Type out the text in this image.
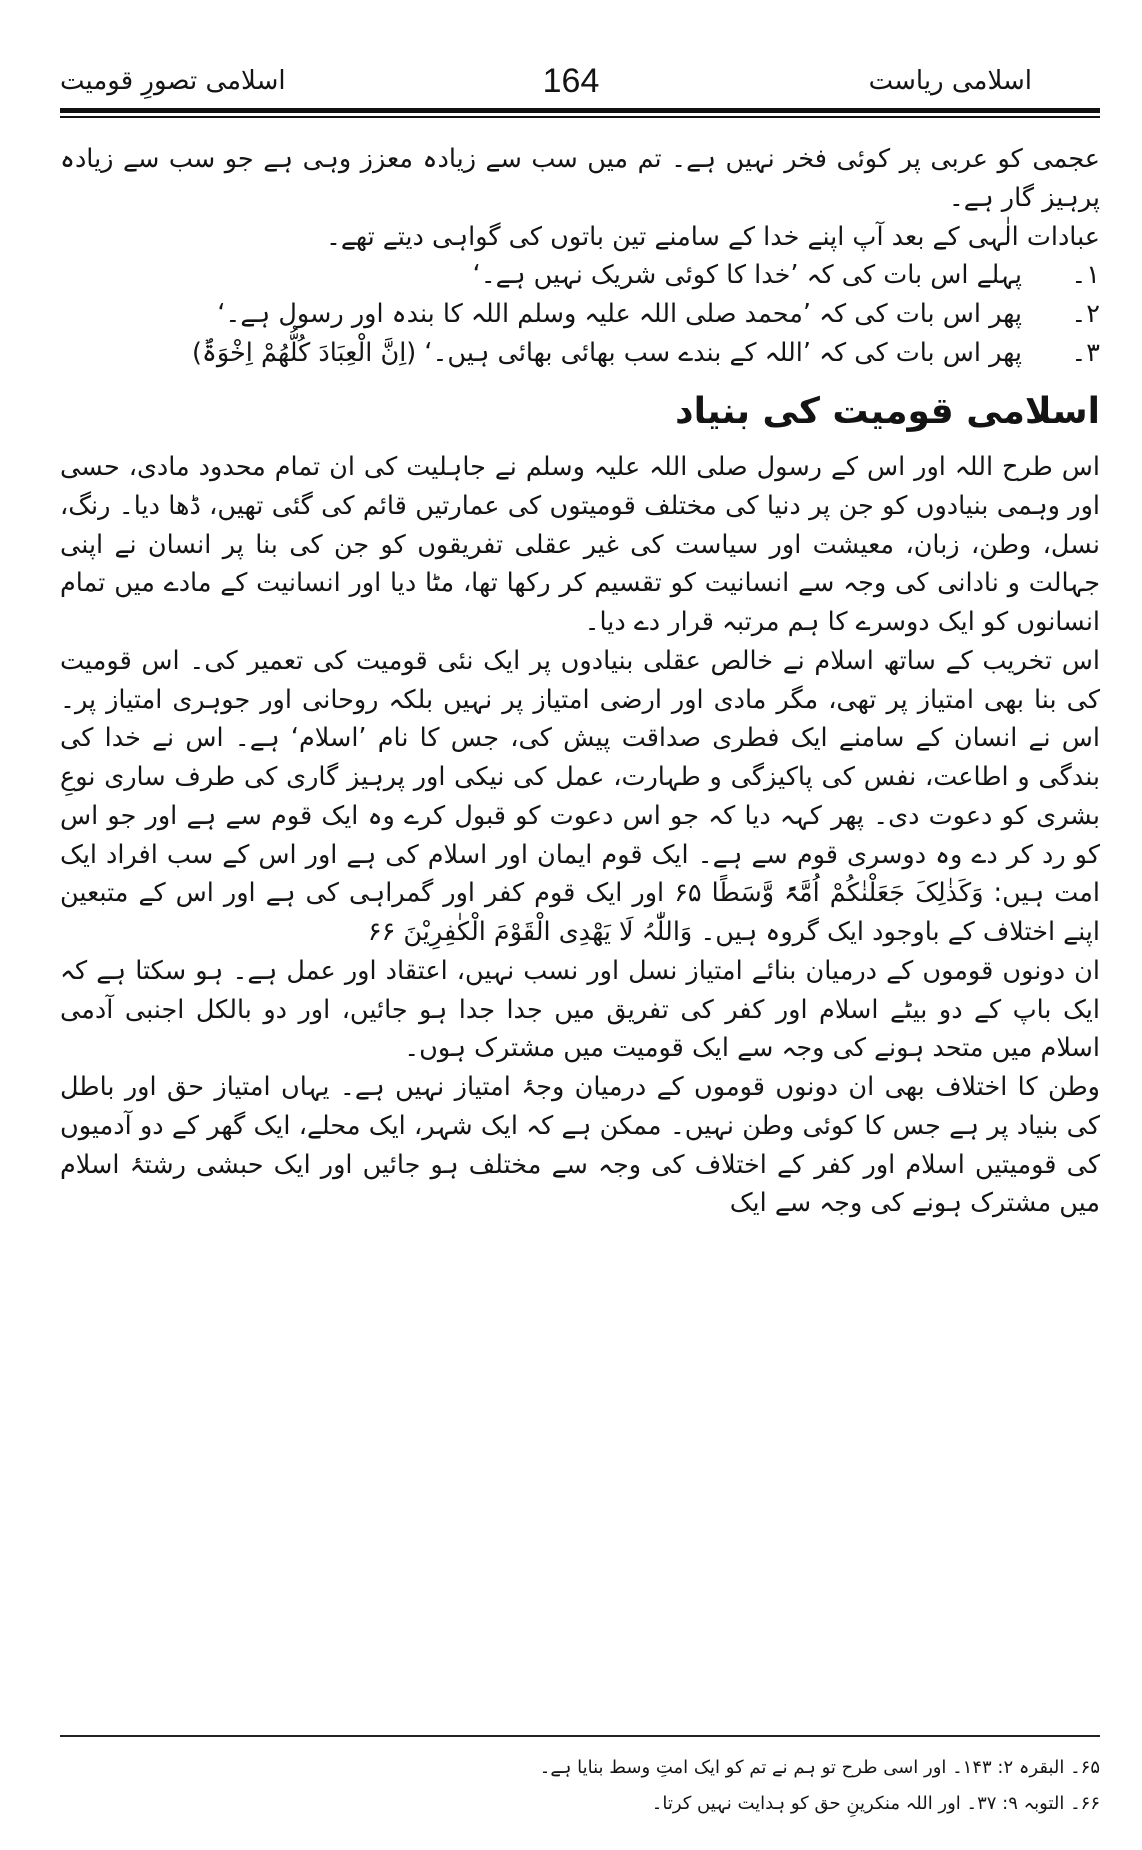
اسلامی ریاست
164
اسلامی تصورِ قومیت

عجمی کو عربی پر کوئی فخر نہیں ہے۔ تم میں سب سے زیادہ معزز وہی ہے جو سب سے زیادہ پرہیز گار ہے۔

عبادات الٰہی کے بعد آپ اپنے خدا کے سامنے تین باتوں کی گواہی دیتے تھے۔

۱۔
پہلے اس بات کی کہ ’خدا کا کوئی شریک نہیں ہے۔‘
۲۔
پھر اس بات کی کہ ’محمد صلی اللہ علیہ وسلم اللہ کا بندہ اور رسول ہے۔‘
۳۔
پھر اس بات کی کہ ’اللہ کے بندے سب بھائی بھائی ہیں۔‘ (اِنَّ الْعِبَادَ کُلُّھُمْ اِخْوَۃٌ)
اسلامی قومیت کی بنیاد

اس طرح اللہ اور اس کے رسول صلی اللہ علیہ وسلم نے جاہلیت کی ان تمام محدود مادی، حسی اور وہمی بنیادوں کو جن پر دنیا کی مختلف قومیتوں کی عمارتیں قائم کی گئی تھیں، ڈھا دیا۔ رنگ، نسل، وطن، زبان، معیشت اور سیاست کی غیر عقلی تفریقوں کو جن کی بنا پر انسان نے اپنی جہالت و نادانی کی وجہ سے انسانیت کو تقسیم کر رکھا تھا، مٹا دیا اور انسانیت کے مادے میں تمام انسانوں کو ایک دوسرے کا ہم مرتبہ قرار دے دیا۔

اس تخریب کے ساتھ اسلام نے خالص عقلی بنیادوں پر ایک نئی قومیت کی تعمیر کی۔ اس قومیت کی بنا بھی امتیاز پر تھی، مگر مادی اور ارضی امتیاز پر نہیں بلکہ روحانی اور جوہری امتیاز پر۔ اس نے انسان کے سامنے ایک فطری صداقت پیش کی، جس کا نام ’اسلام‘ ہے۔ اس نے خدا کی بندگی و اطاعت، نفس کی پاکیزگی و طہارت، عمل کی نیکی اور پرہیز گاری کی طرف ساری نوعِ بشری کو دعوت دی۔ پھر کہہ دیا کہ جو اس دعوت کو قبول کرے وہ ایک قوم سے ہے اور جو اس کو رد کر دے وہ دوسری قوم سے ہے۔ ایک قوم ایمان اور اسلام کی ہے اور اس کے سب افراد ایک امت ہیں: وَکَذٰلِکَ جَعَلْنٰکُمْ اُمَّۃً وَّسَطًا ۶۵ اور ایک قوم کفر اور گمراہی کی ہے اور اس کے متبعین اپنے اختلاف کے باوجود ایک گروہ ہیں۔ وَاللّٰہُ لَا یَھْدِی الْقَوْمَ الْکٰفِرِیْنَ ۶۶

ان دونوں قوموں کے درمیان بنائے امتیاز نسل اور نسب نہیں، اعتقاد اور عمل ہے۔ ہو سکتا ہے کہ ایک باپ کے دو بیٹے اسلام اور کفر کی تفریق میں جدا جدا ہو جائیں، اور دو بالکل اجنبی آدمی اسلام میں متحد ہونے کی وجہ سے ایک قومیت میں مشترک ہوں۔

وطن کا اختلاف بھی ان دونوں قوموں کے درمیان وجۂ امتیاز نہیں ہے۔ یہاں امتیاز حق اور باطل کی بنیاد پر ہے جس کا کوئی وطن نہیں۔ ممکن ہے کہ ایک شہر، ایک محلے، ایک گھر کے دو آدمیوں کی قومیتیں اسلام اور کفر کے اختلاف کی وجہ سے مختلف ہو جائیں اور ایک حبشی رشتۂ اسلام میں مشترک ہونے کی وجہ سے ایک

۶۵۔ البقرہ ۲: ۱۴۳۔ اور اسی طرح تو ہم نے تم کو ایک امتِ وسط بنایا ہے۔
۶۶۔ التوبہ ۹: ۳۷۔ اور اللہ منکرینِ حق کو ہدایت نہیں کرتا۔
